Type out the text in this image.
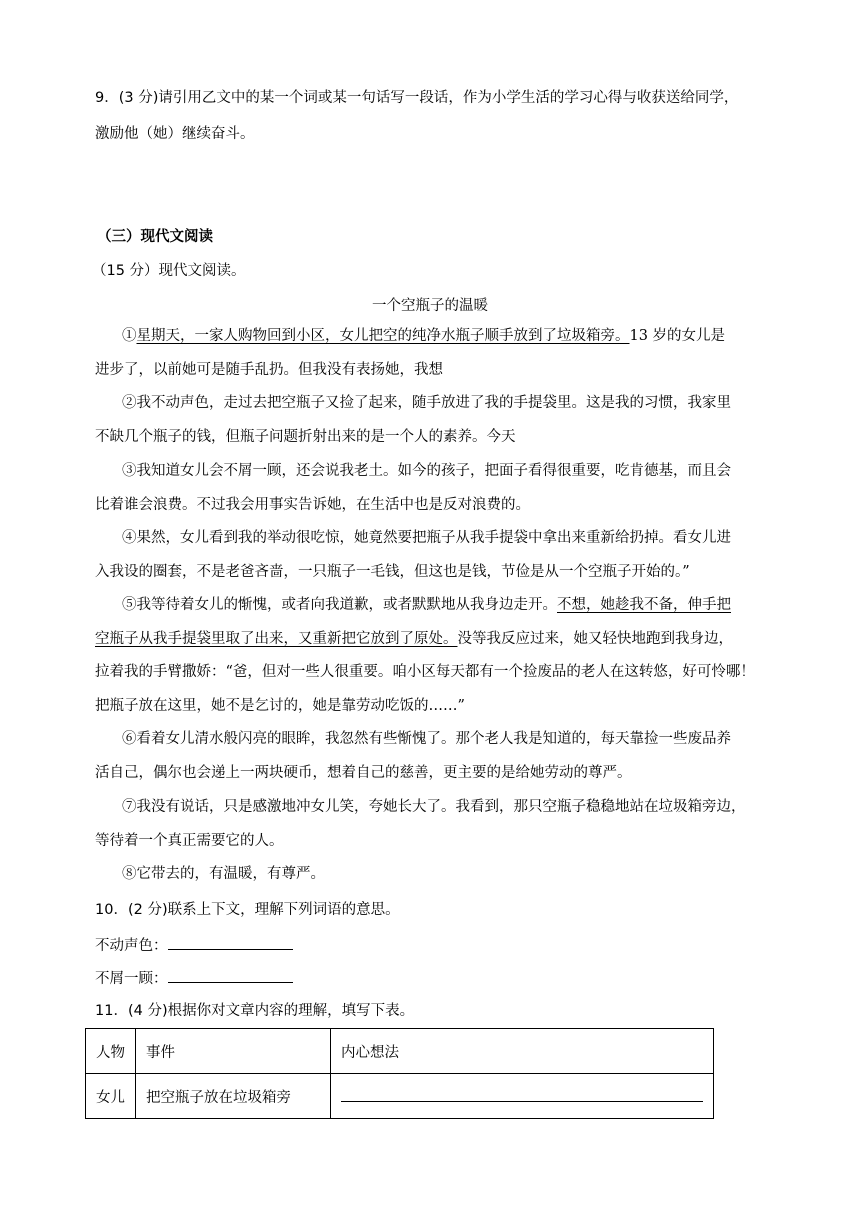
9．(3 分)请引用乙文中的某一个词或某一句话写一段话，作为小学生活的学习心得与收获送给同学，
激励他（她）继续奋斗。
（三）现代文阅读
（15 分）现代文阅读。
一个空瓶子的温暖
①星期天，一家人购物回到小区，女儿把空的纯净水瓶子顺手放到了垃圾箱旁。13 岁的女儿是
进步了，以前她可是随手乱扔。但我没有表扬她，我想
②我不动声色，走过去把空瓶子又捡了起来，随手放进了我的手提袋里。这是我的习惯，我家里
不缺几个瓶子的钱，但瓶子问题折射出来的是一个人的素养。今天
③我知道女儿会不屑一顾，还会说我老土。如今的孩子，把面子看得很重要，吃肯德基，而且会
比着谁会浪费。不过我会用事实告诉她，在生活中也是反对浪费的。
④果然，女儿看到我的举动很吃惊，她竟然要把瓶子从我手提袋中拿出来重新给扔掉。看女儿进
入我设的圈套，不是老爸吝啬，一只瓶子一毛钱，但这也是钱，节俭是从一个空瓶子开始的。”
⑤我等待着女儿的惭愧，或者向我道歉，或者默默地从我身边走开。不想，她趁我不备，伸手把
空瓶子从我手提袋里取了出来，又重新把它放到了原处。没等我反应过来，她又轻快地跑到我身边，
拉着我的手臂撒娇：“爸，但对一些人很重要。咱小区每天都有一个捡废品的老人在这转悠，好可怜哪！
把瓶子放在这里，她不是乞讨的，她是靠劳动吃饭的……”
⑥看着女儿清水般闪亮的眼眸，我忽然有些惭愧了。那个老人我是知道的，每天靠捡一些废品养
活自己，偶尔也会递上一两块硬币，想着自己的慈善，更主要的是给她劳动的尊严。
⑦我没有说话，只是感激地冲女儿笑，夸她长大了。我看到，那只空瓶子稳稳地站在垃圾箱旁边，
等待着一个真正需要它的人。
⑧它带去的，有温暖，有尊严。
10．(2 分)联系上下文，理解下列词语的意思。
不动声色：
不屑一顾：
11．(4 分)根据你对文章内容的理解，填写下表。
人物	事件	内心想法
女儿	把空瓶子放在垃圾箱旁	
